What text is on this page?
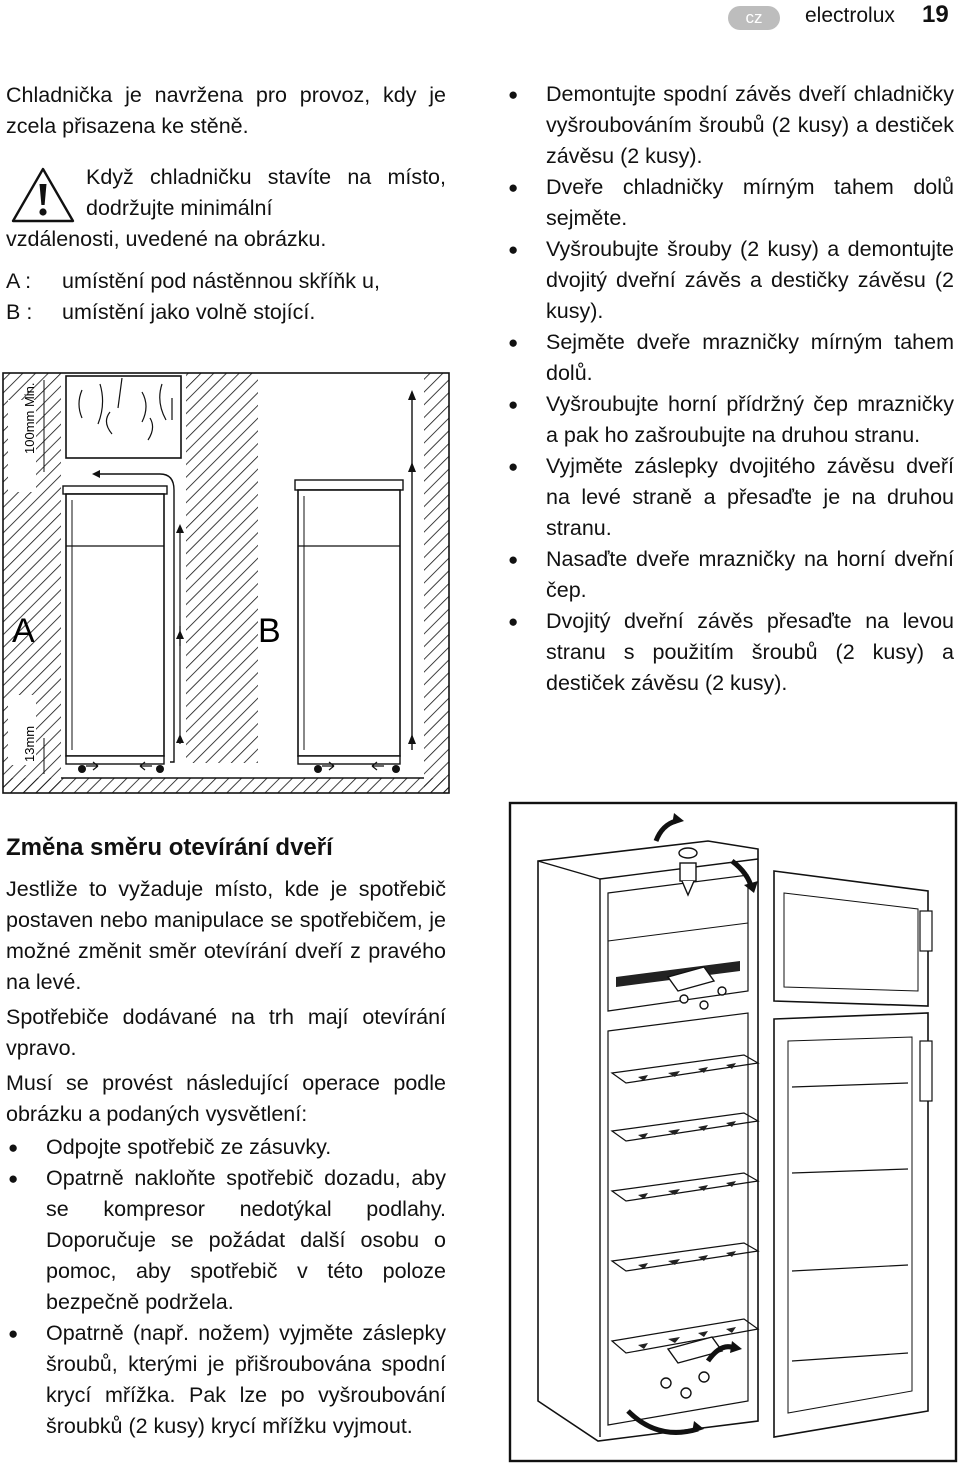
cz	electrolux 19

Chladnička je navržena pro provoz, kdy je zcela přisazena ke stěně.

Když chladničku stavíte na místo, dodržujte minimální
vzdálenosti, uvedené na obrázku.
A : umístění pod nástěnnou skříňk u,
B : umístění jako volně stojící.
100mm Min.
13mm
A	B
● Demontujte spodní závěs dveří chladničky vyšroubováním šroubů (2 kusy) a destiček závěsu (2 kusy).
● Dveře chladničky mírným tahem dolů sejměte.
● Vyšroubujte šrouby (2 kusy) a demontujte dvojitý dveřní závěs a destičky závěsu (2 kusy).
● Sejměte dveře mrazničky mírným tahem dolů.
● Vyšroubujte horní přídržný čep mrazničky a pak ho zašroubujte na druhou stranu.
● Vyjměte záslepky dvojitého závěsu dveří na levé straně a přesaďte je na druhou stranu.
● Nasaďte dveře mrazničky na horní dveřní čep.
● Dvojitý dveřní závěs přesaďte na levou stranu s použitím šroubů (2 kusy) a destiček závěsu (2 kusy).
Změna směru otevírání dveří

Jestliže to vyžaduje místo, kde je spotřebič postaven nebo manipulace se spotřebičem, je možné změnit směr otevírání dveří z pravého na levé.

Spotřebiče dodávané na trh mají otevírání vpravo.

Musí se provést následující operace podle obrázku a podaných vysvětlení:

● Odpojte spotřebič ze zásuvky.
● Opatrně nakloňte spotřebič dozadu, aby se kompresor nedotýkal podlahy. Doporučuje se požádat další osobu o pomoc, aby spotřebič v této poloze bezpečně podržela.
● Opatrně (např. nožem) vyjměte záslepky šroubů, kterými je přišroubována spodní krycí mřížka. Pak lze po vyšroubování šroubků (2 kusy) krycí mřížku vyjmout.
